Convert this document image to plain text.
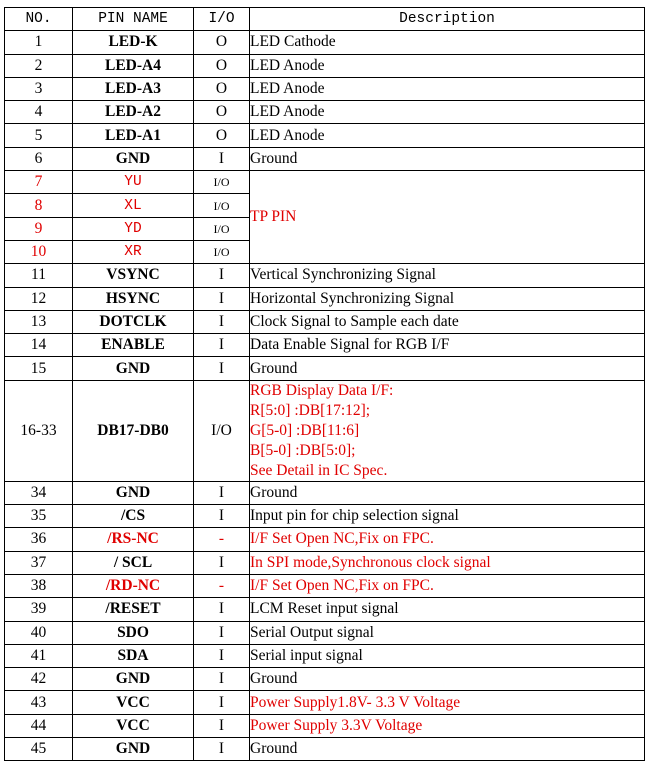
NO.	PIN NAME	I/O	Description
1	LED-K	O	LED Cathode
2	LED-A4	O	LED Anode
3	LED-A3	O	LED Anode
4	LED-A2	O	LED Anode
5	LED-A1	O	LED Anode
6	GND	I	Ground
7	YU	I/O	TP PIN
8	XL	I/O	
9	YD	I/O	
10	XR	I/O	
11	VSYNC	I	Vertical Synchronizing Signal
12	HSYNC	I	Horizontal Synchronizing Signal
13	DOTCLK	I	Clock Signal to Sample each date
14	ENABLE	I	Data Enable Signal for RGB I/F
15	GND	I	Ground
16-33	DB17-DB0	I/O	RGB Display Data I/F:
R[5:0] :DB[17:12];
G[5-0] :DB[11:6]
B[5-0] :DB[5:0];
See Detail in IC Spec.

34	GND	I	Ground
35	/CS	I	Input pin for chip selection signal
36	/RS-NC	-	I/F Set Open NC,Fix on FPC.
37	/ SCL	I	In SPI mode,Synchronous clock signal
38	/RD-NC	-	I/F Set Open NC,Fix on FPC.
39	/RESET	I	LCM Reset input signal
40	SDO	I	Serial Output signal
41	SDA	I	Serial input signal
42	GND	I	Ground
43	VCC	I	Power Supply1.8V- 3.3 V Voltage
44	VCC	I	Power Supply 3.3V Voltage
45	GND	I	Ground
